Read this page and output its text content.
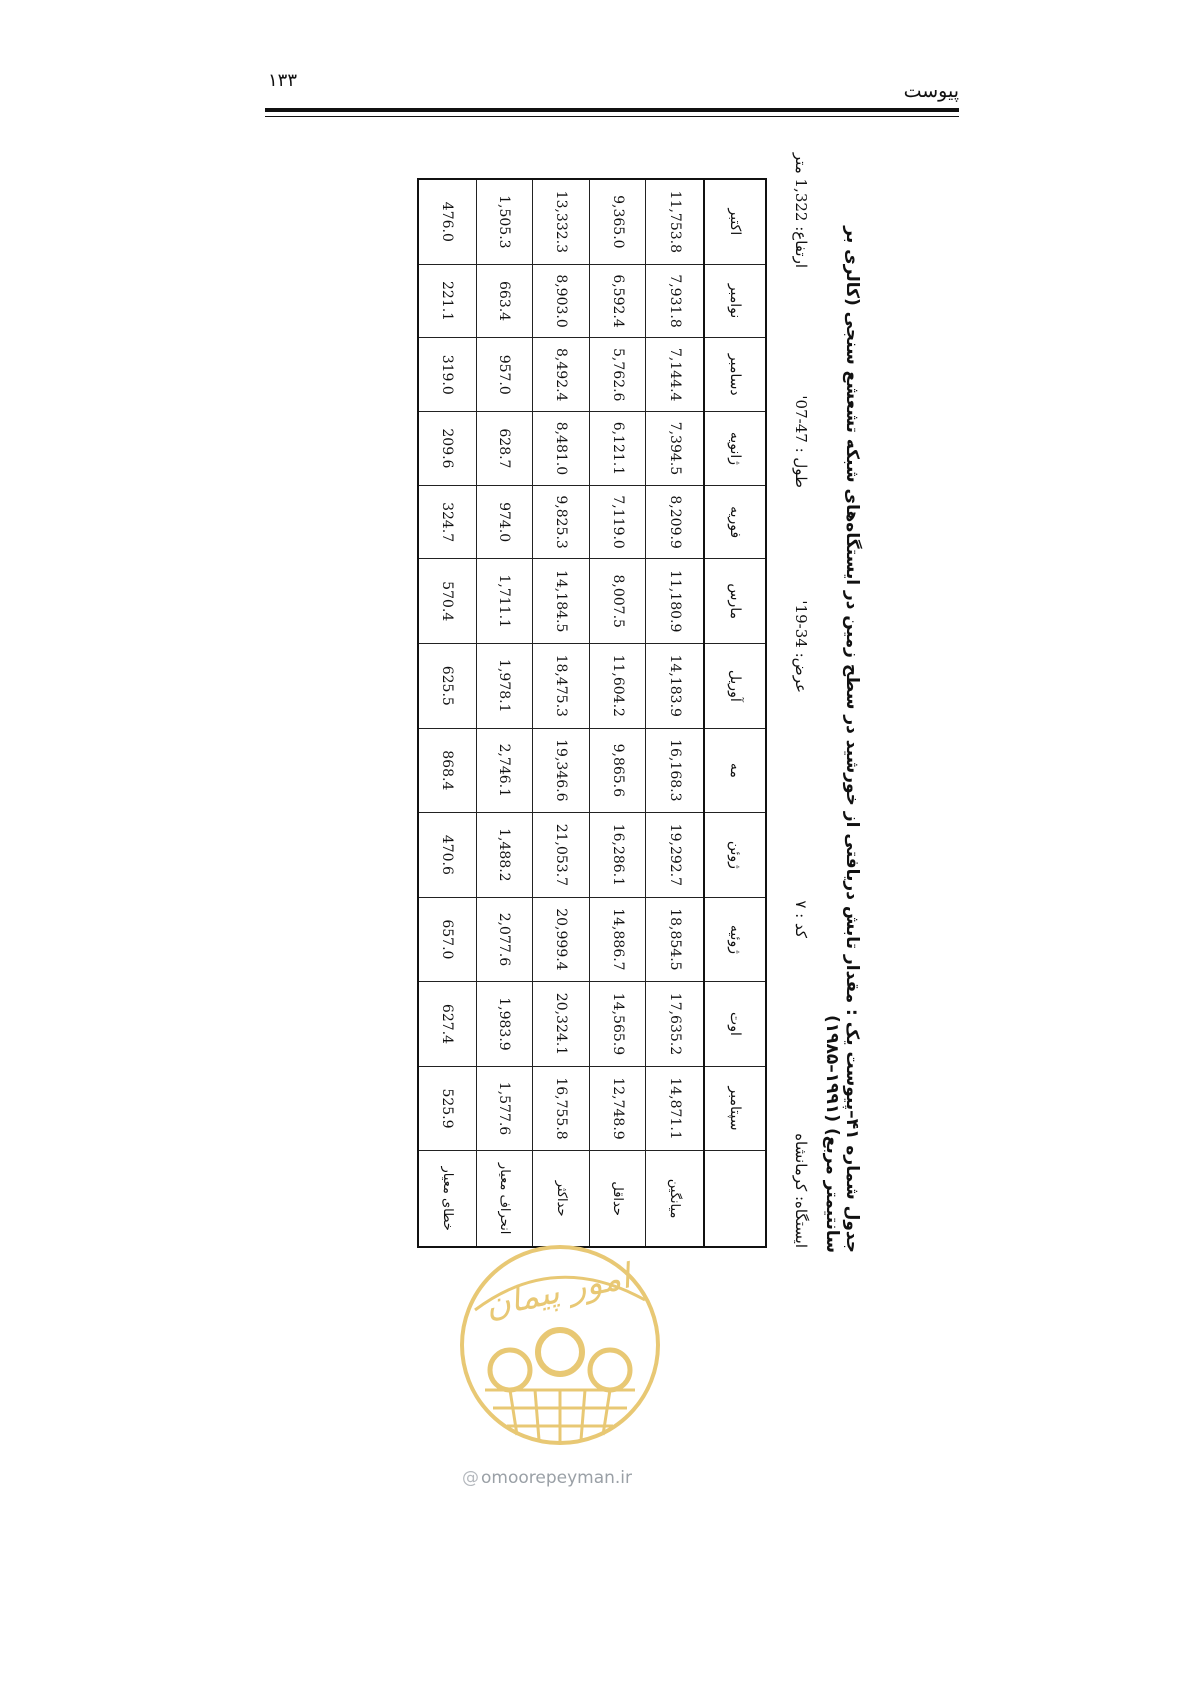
۱۳۳	پیوست
جدول شماره ۴۱–پیوست یک : مقدار تابش دریافتی از خورشید در سطح زمین در ایستگاه‌های شبکه تشعشع سنجی (کالری بر سانتیمتر مربع) (۱۹۹۱–۱۹۸۵)
ایستگاه: کرمانشاه
کد : ۷
عرض: 34-19'
طول : 47-07'
ارتفاع: 1,322 متر
	سپتامبر	اوت	ژوئیه	ژوئن	مه	آوریل	مارس	فوریه	ژانویه	دسامبر	نوامبر	اکتبر
میانگین	14,871.1	17,635.2	18,854.5	19,292.7	16,168.3	14,183.9	11,180.9	8,209.9	7,394.5	7,144.4	7,931.8	11,753.8
حداقل	12,748.9	14,565.9	14,886.7	16,286.1	9,865.6	11,604.2	8,007.5	7,119.0	6,121.1	5,762.6	6,592.4	9,365.0
حداکثر	16,755.8	20,324.1	20,999.4	21,053.7	19,346.6	18,475.3	14,184.5	9,825.3	8,481.0	8,492.4	8,903.0	13,332.3
انحراف معیار	1,577.6	1,983.9	2,077.6	1,488.2	2,746.1	1,978.1	1,711.1	974.0	628.7	957.0	663.4	1,505.3
خطای معیار	525.9	627.4	657.0	470.6	868.4	625.5	570.4	324.7	209.6	319.0	221.1	476.0
امور پیمان
@ omoorepeyman.ir
